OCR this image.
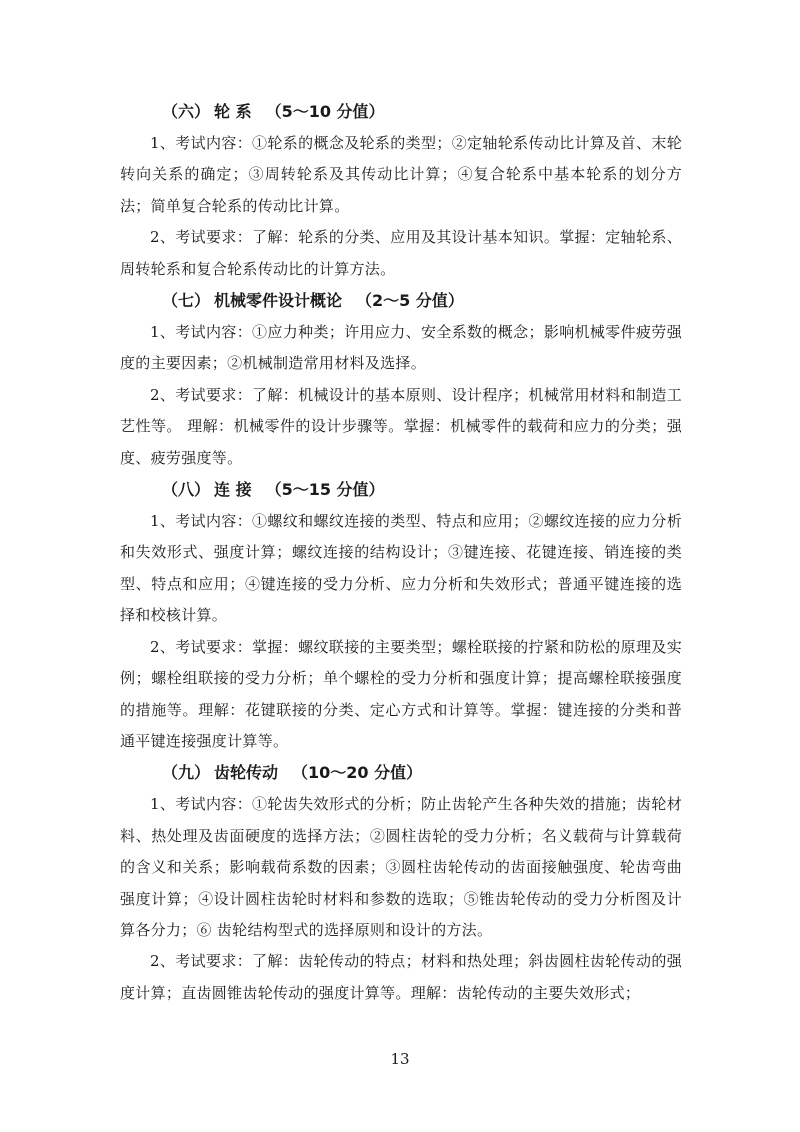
（六） 轮 系 （5～10 分值）

1、考试内容：①轮系的概念及轮系的类型；②定轴轮系传动比计算及首、末轮转向关系的确定；③周转轮系及其传动比计算；④复合轮系中基本轮系的划分方法；简单复合轮系的传动比计算。

2、考试要求：了解：轮系的分类、应用及其设计基本知识。掌握：定轴轮系、周转轮系和复合轮系传动比的计算方法。

（七） 机械零件设计概论 （2～5 分值）

1、考试内容：①应力种类；许用应力、安全系数的概念；影响机械零件疲劳强度的主要因素；②机械制造常用材料及选择。

2、考试要求：了解：机械设计的基本原则、设计程序；机械常用材料和制造工艺性等。 理解：机械零件的设计步骤等。掌握：机械零件的载荷和应力的分类；强度、疲劳强度等。

（八） 连 接 （5～15 分值）

1、考试内容：①螺纹和螺纹连接的类型、特点和应用；②螺纹连接的应力分析和失效形式、强度计算；螺纹连接的结构设计；③键连接、花键连接、销连接的类型、特点和应用；④键连接的受力分析、应力分析和失效形式；普通平键连接的选择和校核计算。

2、考试要求：掌握：螺纹联接的主要类型；螺栓联接的拧紧和防松的原理及实例；螺栓组联接的受力分析；单个螺栓的受力分析和强度计算；提高螺栓联接强度的措施等。理解：花键联接的分类、定心方式和计算等。掌握：键连接的分类和普通平键连接强度计算等。

（九） 齿轮传动 （10～20 分值）

1、考试内容：①轮齿失效形式的分析；防止齿轮产生各种失效的措施；齿轮材料、热处理及齿面硬度的选择方法；②圆柱齿轮的受力分析；名义载荷与计算载荷的含义和关系；影响载荷系数的因素；③圆柱齿轮传动的齿面接触强度、轮齿弯曲强度计算；④设计圆柱齿轮时材料和参数的选取；⑤锥齿轮传动的受力分析图及计算各分力；⑥ 齿轮结构型式的选择原则和设计的方法。

2、考试要求：了解：齿轮传动的特点；材料和热处理；斜齿圆柱齿轮传动的强度计算；直齿圆锥齿轮传动的强度计算等。理解：齿轮传动的主要失效形式；

13
